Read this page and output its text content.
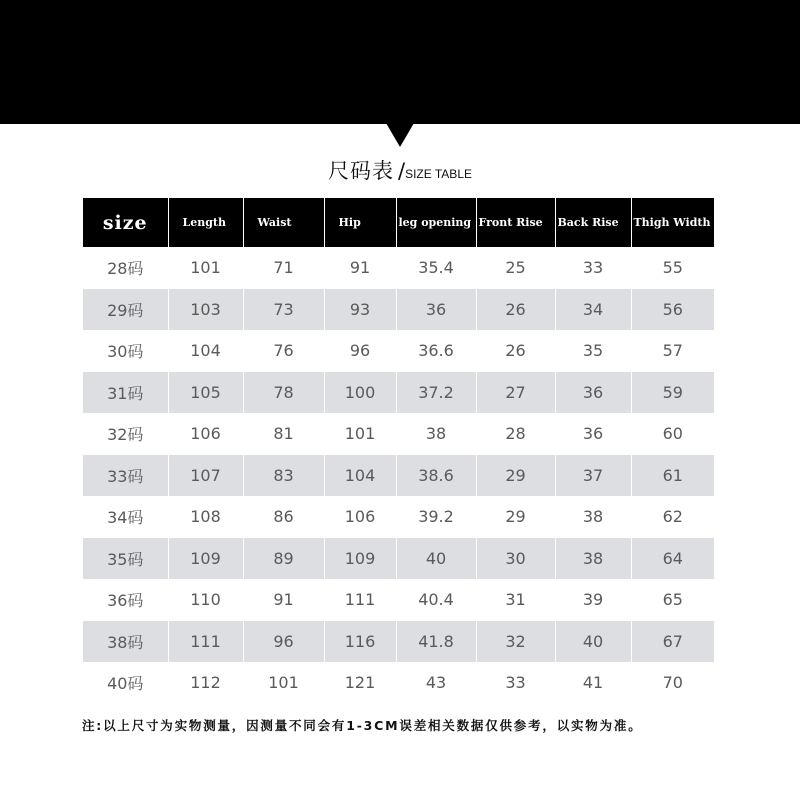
尺码表 /SIZE TABLE
size	Length	Waist	Hip	leg opening	Front Rise	Back Rise	Thigh Width
28码	101	71	91	35.4	25	33	55
29码	103	73	93	36	26	34	56
30码	104	76	96	36.6	26	35	57
31码	105	78	100	37.2	27	36	59
32码	106	81	101	38	28	36	60
33码	107	83	104	38.6	29	37	61
34码	108	86	106	39.2	29	38	62
35码	109	89	109	40	30	38	64
36码	110	91	111	40.4	31	39	65
38码	111	96	116	41.8	32	40	67
40码	112	101	121	43	33	41	70
注:以上尺寸为实物测量，因测量不同会有1-3CM误差相关数据仅供参考，以实物为准。
